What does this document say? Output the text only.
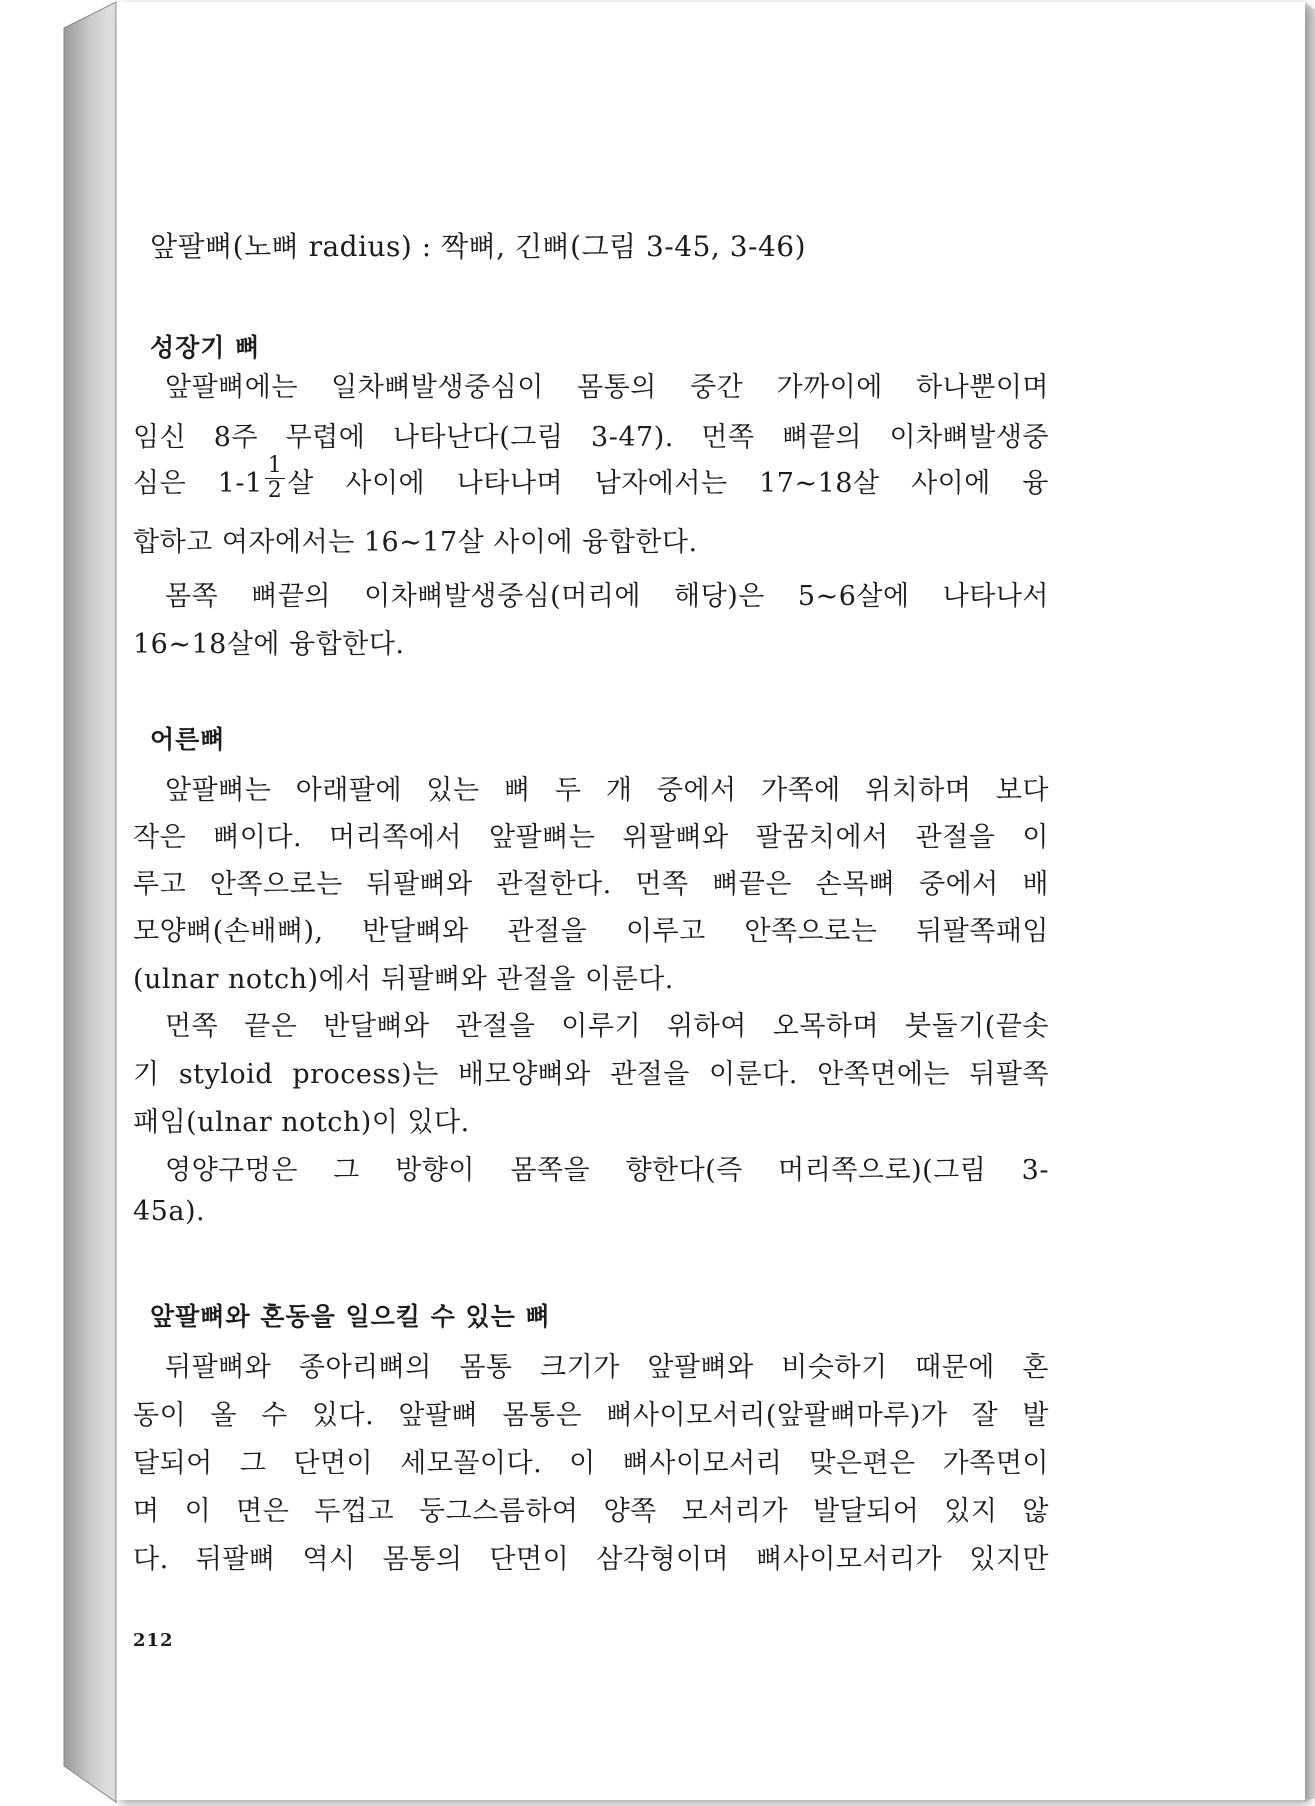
앞팔뼈(노뼈 radius) : 짝뼈, 긴뼈(그림 3-45, 3-46)
성장기 뼈
앞팔뼈에는 일차뼈발생중심이 몸통의 중간 가까이에 하나뿐이며
임신 8주 무렵에 나타난다(그림 3-47). 먼쪽 뼈끝의 이차뼈발생중
심은 $1-1 \frac{1}{2}$ 살 사이에 나타나며 남자에서는 17∼18살 사이에 융
합하고 여자에서는 16∼17살 사이에 융합한다.
몸쪽 뼈끝의 이차뼈발생중심(머리에 해당)은 5∼6살에 나타나서
16∼18살에 융합한다.
어른뼈
앞팔뼈는 아래팔에 있는 뼈 두 개 중에서 가쪽에 위치하며 보다
작은 뼈이다. 머리쪽에서 앞팔뼈는 위팔뼈와 팔꿈치에서 관절을 이
루고 안쪽으로는 뒤팔뼈와 관절한다. 먼쪽 뼈끝은 손목뼈 중에서 배
모양뼈(손배뼈), 반달뼈와 관절을 이루고 안쪽으로는 뒤팔쪽패임
(ulnar notch)에서 뒤팔뼈와 관절을 이룬다.
먼쪽 끝은 반달뼈와 관절을 이루기 위하여 오목하며 붓돌기(끝솟
기 styloid process)는 배모양뼈와 관절을 이룬다. 안쪽면에는 뒤팔쪽
패임(ulnar notch)이 있다.
영양구멍은 그 방향이 몸쪽을 향한다(즉 머리쪽으로)(그림 3-
45a).
앞팔뼈와 혼동을 일으킬 수 있는 뼈
뒤팔뼈와 종아리뼈의 몸통 크기가 앞팔뼈와 비슷하기 때문에 혼
동이 올 수 있다. 앞팔뼈 몸통은 뼈사이모서리(앞팔뼈마루)가 잘 발
달되어 그 단면이 세모꼴이다. 이 뼈사이모서리 맞은편은 가쪽면이
며 이 면은 두껍고 둥그스름하여 양쪽 모서리가 발달되어 있지 않
다. 뒤팔뼈 역시 몸통의 단면이 삼각형이며 뼈사이모서리가 있지만
212
